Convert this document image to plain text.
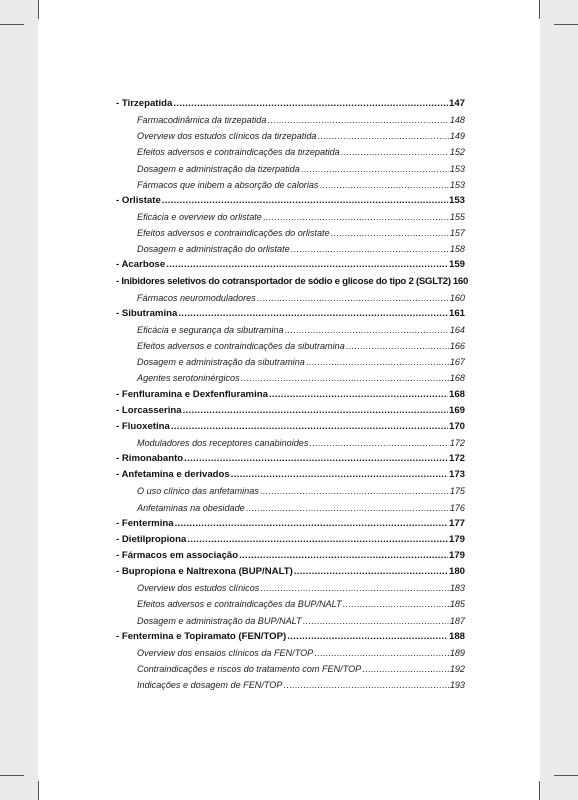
- Tirzepatida .....	147
Farmacodinâmica da tirzepatida .....	148
Overview dos estudos clínicos da tirzepatida .....	149
Efeitos adversos e contraindicações da tirzepatida .....	152
Dosagem e administração da tizerpatida .....	153
Fármacos que inibem a absorção de calorias .....	153
- Orlistate .....	153
Eficácia e overview do orlistate .....	155
Efeitos adversos e contraindicações do orlistate .....	157
Dosagem e administração do orlistate .....	158
- Acarbose .....	159
- Inibidores seletivos do cotransportador de sódio e glicose do tipo 2 (SGLT2) 160
Fármacos neuromoduladores .....	160
- Sibutramina .....	161
Eficácia e segurança da sibutramina .....	164
Efeitos adversos e contraindicações da sibutramina .....	166
Dosagem e administração da sibutramina .....	167
Agentes serotoninérgicos .....	168
- Fenfluramina e Dexfenfluramina .....	168
- Lorcasserina .....	169
- Fluoxetina .....	170
Moduladores dos receptores canabinoides .....	172
- Rimonabanto .....	172
- Anfetamina e derivados .....	173
O uso clínico das anfetaminas .....	175
Anfetaminas na obesidade .....	176
- Fentermina .....	177
- Dietilpropiona .....	179
- Fármacos em associação .....	179
- Bupropiona e Naltrexona (BUP/NALT) .....	180
Overview dos estudos clínicos .....	183
Efeitos adversos e contraindicações da BUP/NALT .....	185
Dosagem e administração da BUP/NALT .....	187
- Fentermina e Topiramato (FEN/TOP) .....	188
Overview dos ensaios clínicos da FEN/TOP .....	189
Contraindicações e riscos do tratamento com FEN/TOP .....	192
Indicações e dosagem de FEN/TOP .....	193
